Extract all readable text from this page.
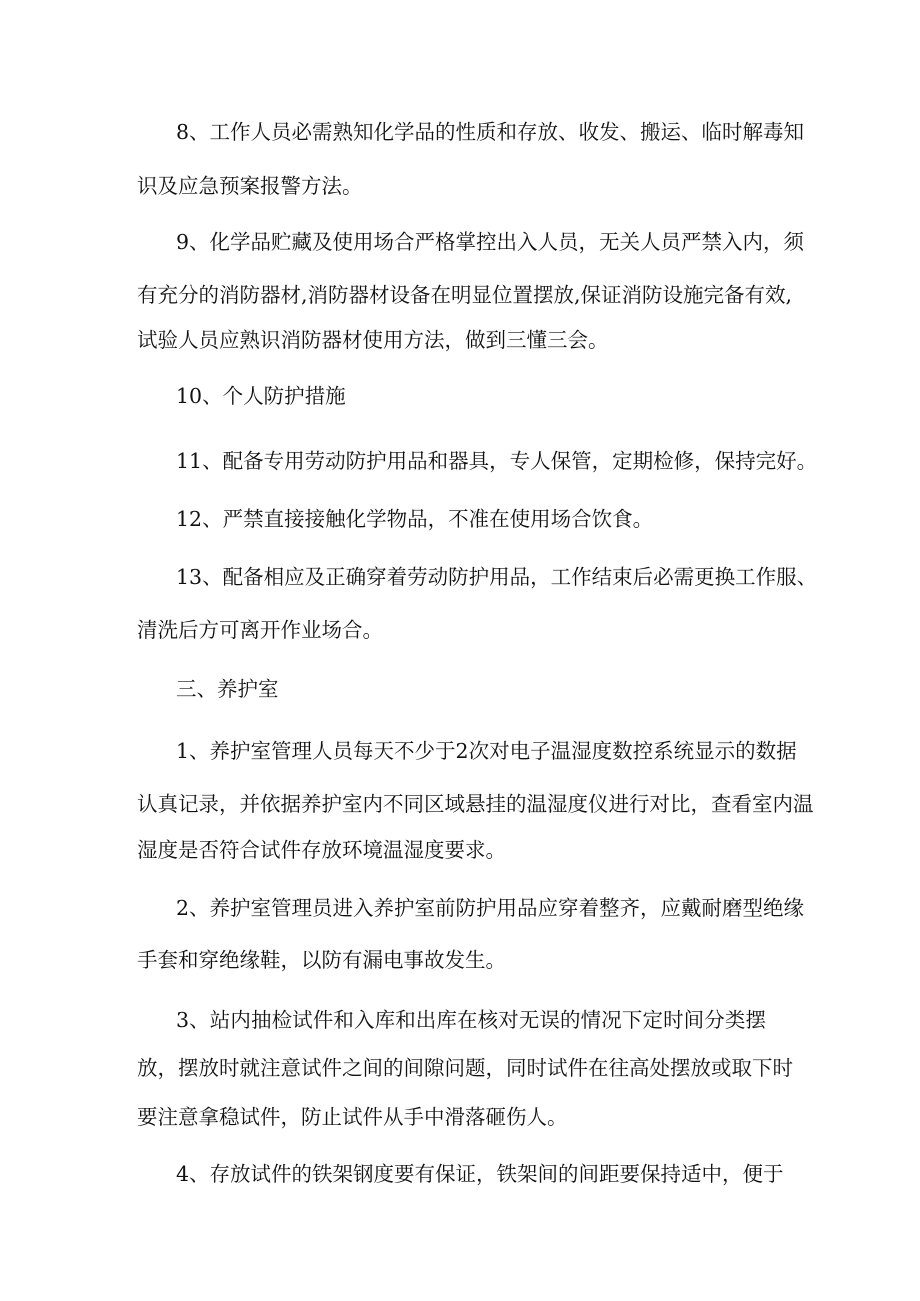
8、工作人员必需熟知化学品的性质和存放、收发、搬运、临时解毒知
识及应急预案报警方法。
9、化学品贮藏及使用场合严格掌控出入人员，无关人员严禁入内，须
有充分的消防器材,消防器材设备在明显位置摆放,保证消防设施完备有效,
试验人员应熟识消防器材使用方法，做到三懂三会。
10、个人防护措施
11、配备专用劳动防护用品和器具，专人保管，定期检修，保持完好。
12、严禁直接接触化学物品，不准在使用场合饮食。
13、配备相应及正确穿着劳动防护用品，工作结束后必需更换工作服、
清洗后方可离开作业场合。
三、养护室
1、养护室管理人员每天不少于2次对电子温湿度数控系统显示的数据
认真记录，并依据养护室内不同区域悬挂的温湿度仪进行对比，查看室内温
湿度是否符合试件存放环境温湿度要求。
2、养护室管理员进入养护室前防护用品应穿着整齐，应戴耐磨型绝缘
手套和穿绝缘鞋，以防有漏电事故发生。
3、站内抽检试件和入库和出库在核对无误的情况下定时间分类摆
放，摆放时就注意试件之间的间隙问题，同时试件在往高处摆放或取下时
要注意拿稳试件，防止试件从手中滑落砸伤人。
4、存放试件的铁架钢度要有保证，铁架间的间距要保持适中，便于
